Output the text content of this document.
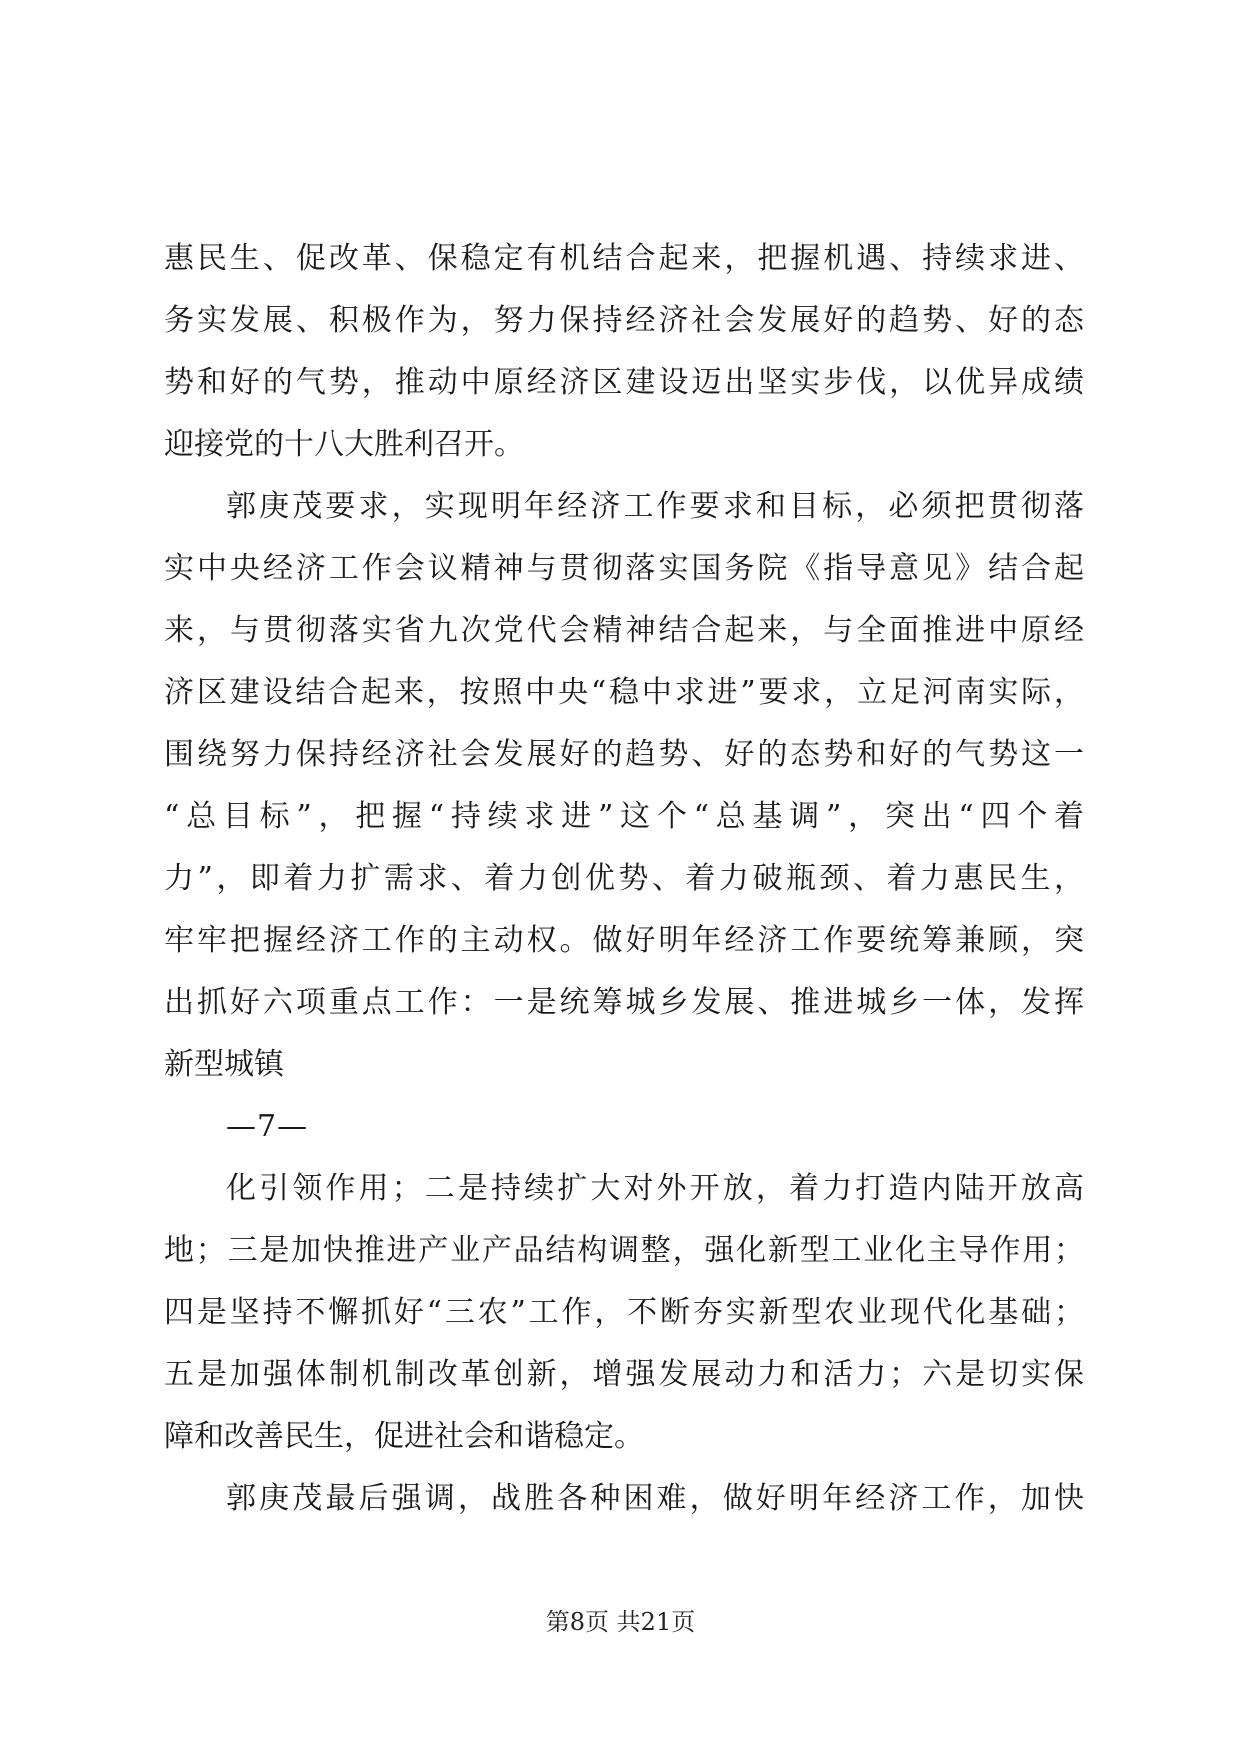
惠民生、促改革、保稳定有机结合起来，把握机遇、持续求进、
务实发展、积极作为，努力保持经济社会发展好的趋势、好的态
势和好的气势，推动中原经济区建设迈出坚实步伐，以优异成绩
迎接党的十八大胜利召开。
郭庚茂要求，实现明年经济工作要求和目标，必须把贯彻落
实中央经济工作会议精神与贯彻落实国务院《指导意见》结合起
来，与贯彻落实省九次党代会精神结合起来，与全面推进中原经
济区建设结合起来，按照中央“稳中求进”要求，立足河南实际，
围绕努力保持经济社会发展好的趋势、好的态势和好的气势这一
“总目标”，把握“持续求进”这个“总基调”，突出“四个着
力”，即着力扩需求、着力创优势、着力破瓶颈、着力惠民生，
牢牢把握经济工作的主动权。做好明年经济工作要统筹兼顾，突
出抓好六项重点工作：一是统筹城乡发展、推进城乡一体，发挥
新型城镇
—7—
化引领作用；二是持续扩大对外开放，着力打造内陆开放高
地；三是加快推进产业产品结构调整，强化新型工业化主导作用；
四是坚持不懈抓好“三农”工作，不断夯实新型农业现代化基础；
五是加强体制机制改革创新，增强发展动力和活力；六是切实保
障和改善民生，促进社会和谐稳定。
郭庚茂最后强调，战胜各种困难，做好明年经济工作，加快
第8页 共21页
